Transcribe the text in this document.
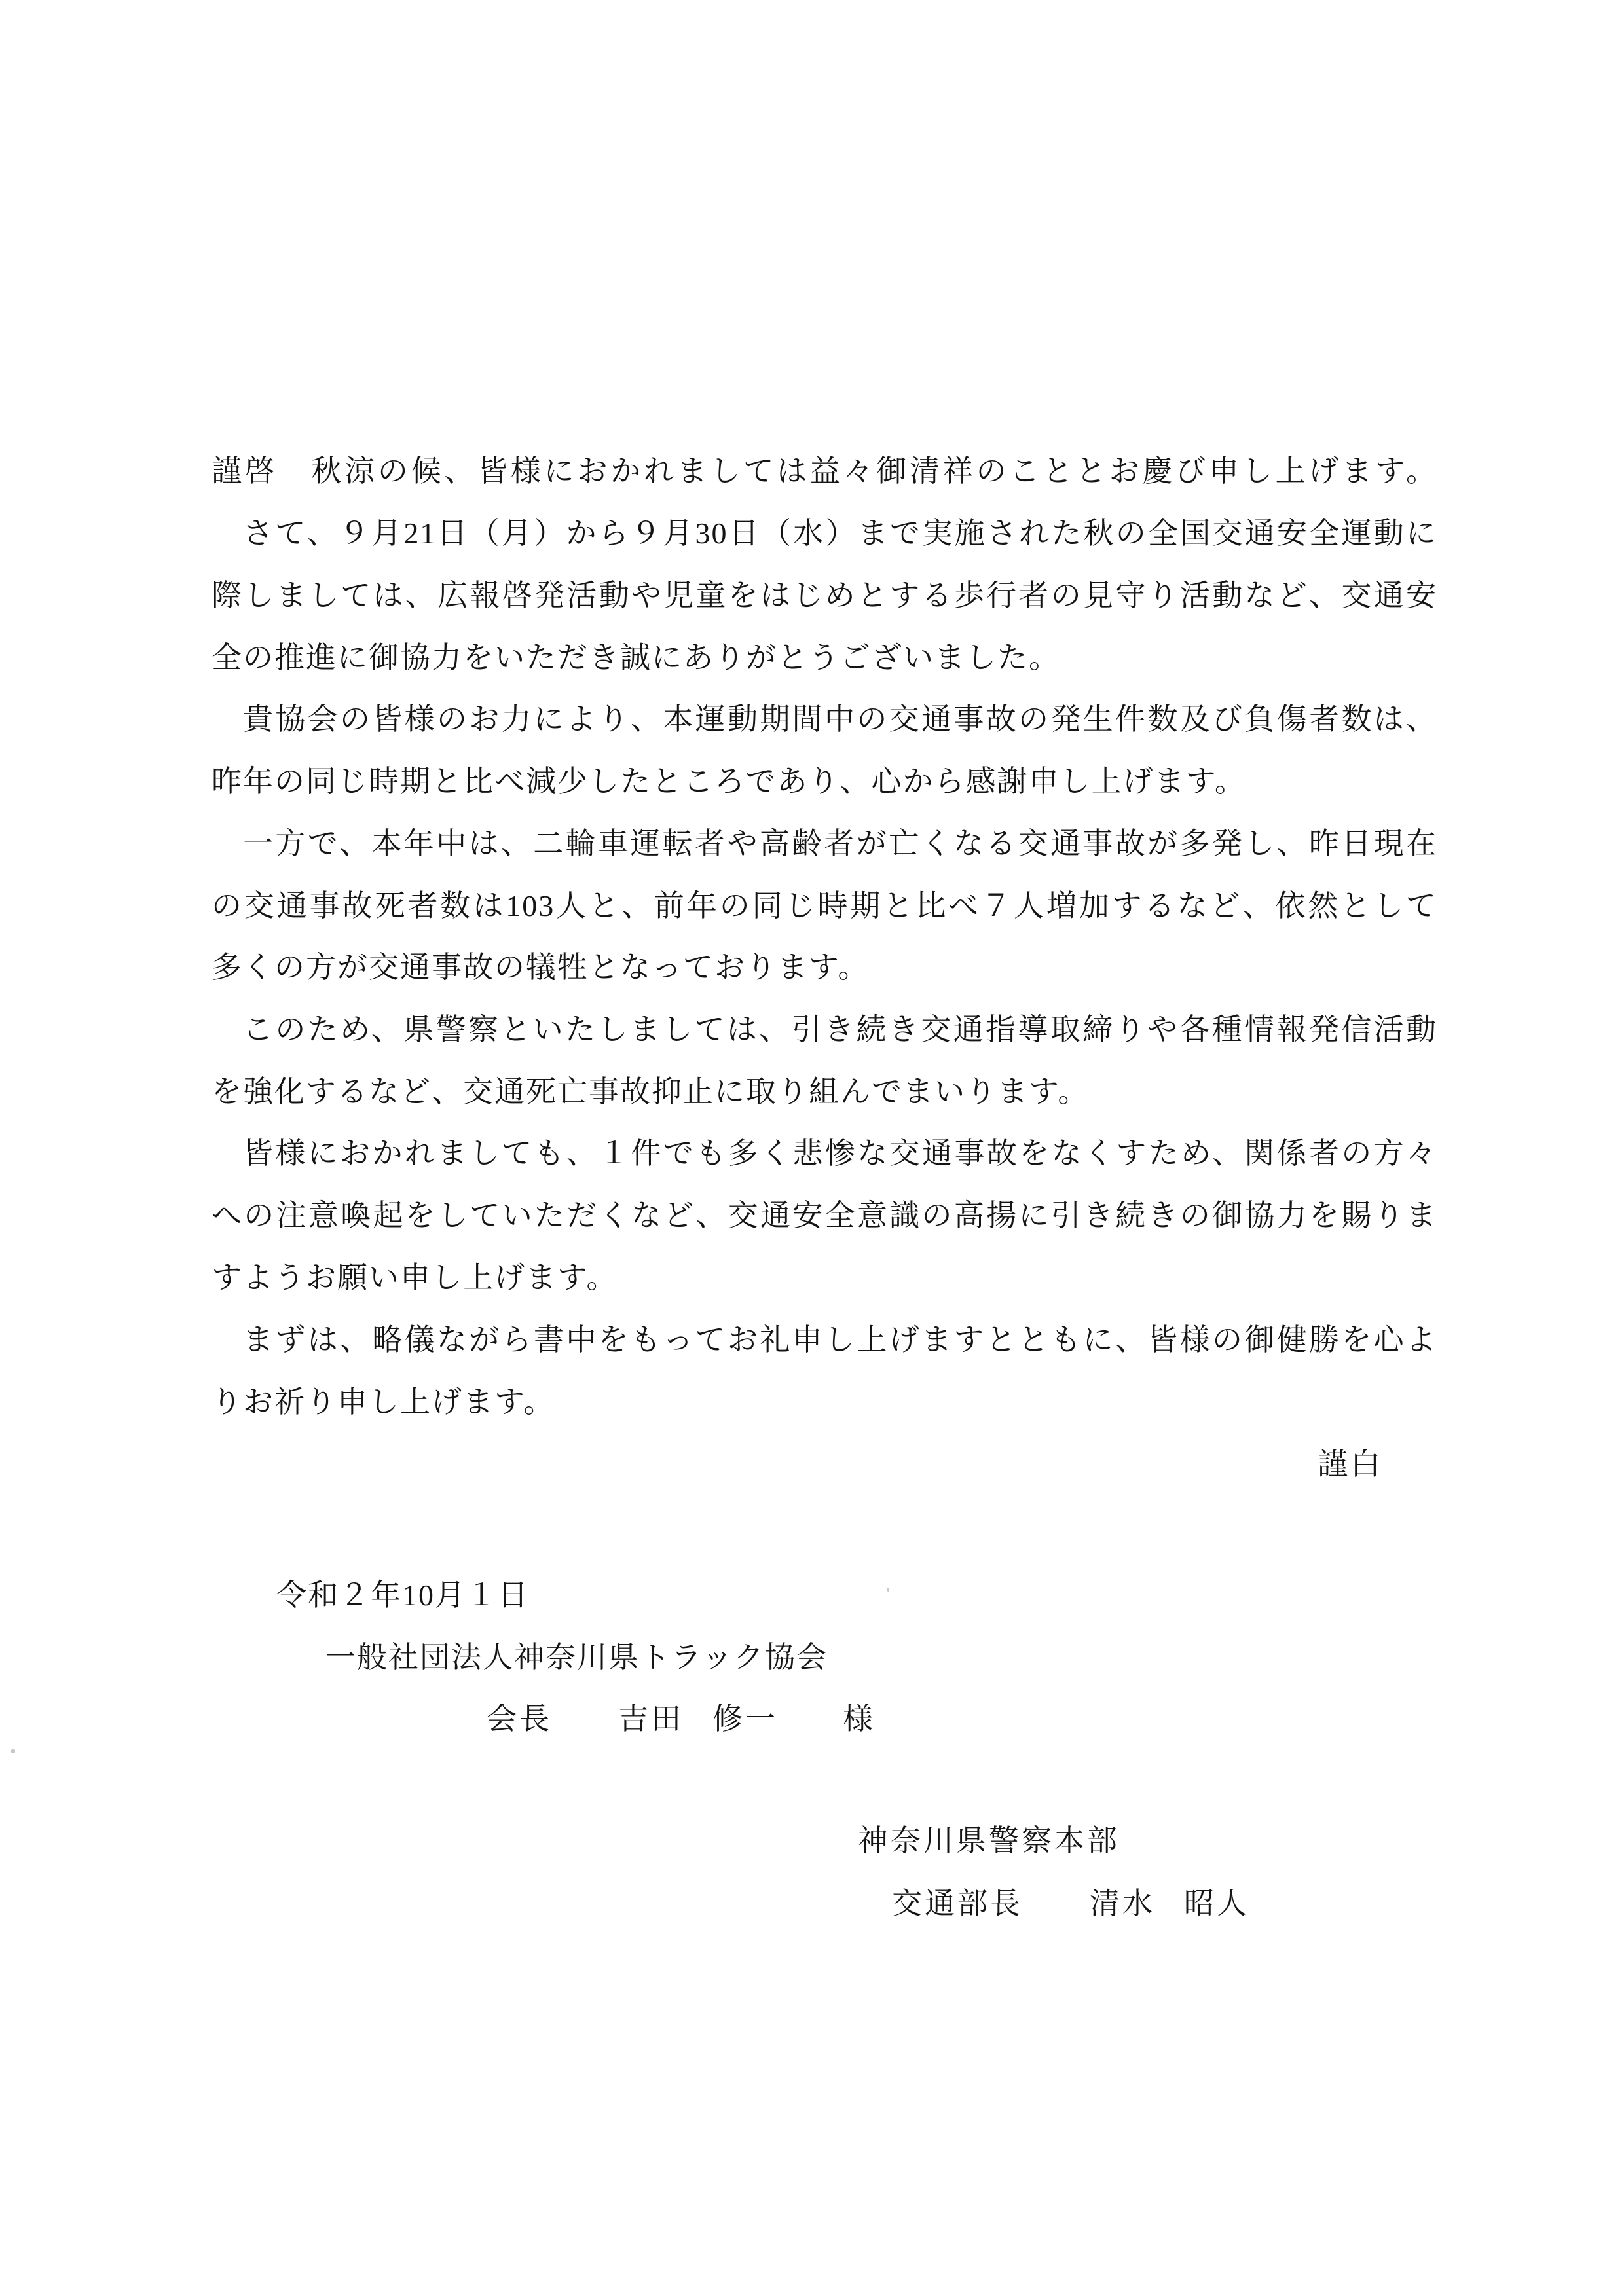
謹啓　秋涼の候、皆様におかれましては益々御清祥のこととお慶び申し上げます。
さて、９月21日（月）から９月30日（水）まで実施された秋の全国交通安全運動に
際しましては、広報啓発活動や児童をはじめとする歩行者の見守り活動など、交通安
全の推進に御協力をいただき誠にありがとうございました。
貴協会の皆様のお力により、本運動期間中の交通事故の発生件数及び負傷者数は、
昨年の同じ時期と比べ減少したところであり、心から感謝申し上げます。
一方で、本年中は、二輪車運転者や高齢者が亡くなる交通事故が多発し、昨日現在
の交通事故死者数は103人と、前年の同じ時期と比べ７人増加するなど、依然として
多くの方が交通事故の犠牲となっております。
このため、県警察といたしましては、引き続き交通指導取締りや各種情報発信活動
を強化するなど、交通死亡事故抑止に取り組んでまいります。
皆様におかれましても、１件でも多く悲惨な交通事故をなくすため、関係者の方々
への注意喚起をしていただくなど、交通安全意識の高揚に引き続きの御協力を賜りま
すようお願い申し上げます。
まずは、略儀ながら書中をもってお礼申し上げますとともに、皆様の御健勝を心よ
りお祈り申し上げます。
謹白
令和２年10月１日
一般社団法人神奈川県トラック協会
会長 吉田 修一 様
神奈川県警察本部
交通部長 清水 昭人
